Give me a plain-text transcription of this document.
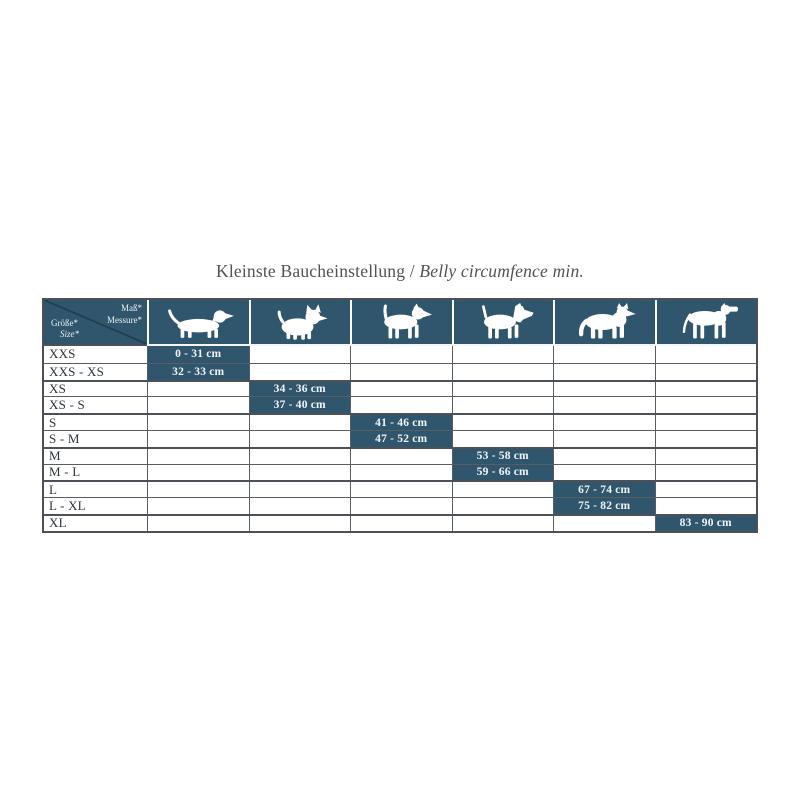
Kleinste Baucheinstellung / Belly circumfence min.
Maß*
Messure*
Größe*
Size*
XXS	0 - 31 cm
XXS - XS	32 - 33 cm
XS	34 - 36 cm
XS - S	37 - 40 cm
S	41 - 46 cm
S - M	47 - 52 cm
M	53 - 58 cm
M - L	59 - 66 cm
L	67 - 74 cm
L - XL	75 - 82 cm
XL	83 - 90 cm
